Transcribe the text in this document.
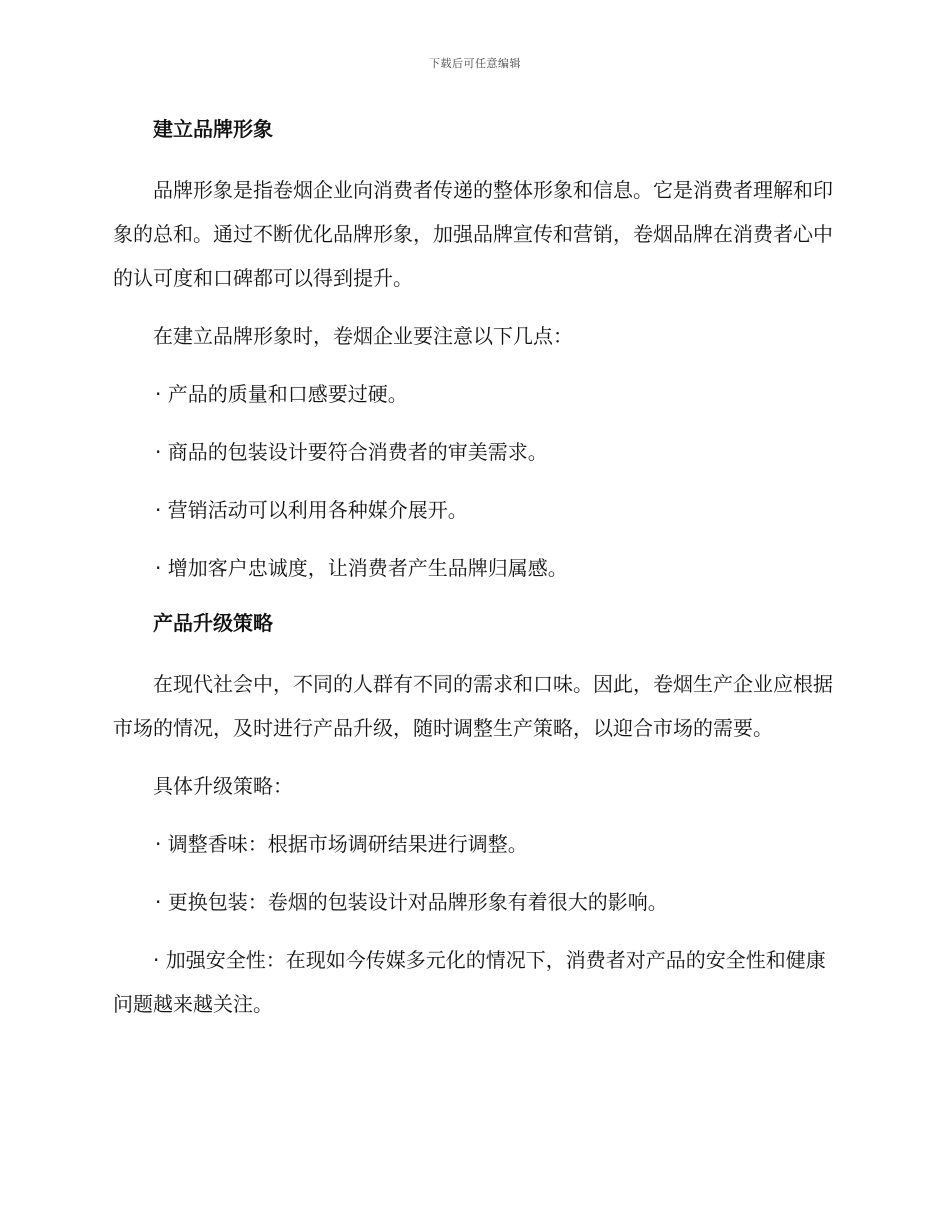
下载后可任意编辑
建立品牌形象

品牌形象是指卷烟企业向消费者传递的整体形象和信息。它是消费者理解和印象的总和。通过不断优化品牌形象，加强品牌宣传和营销，卷烟品牌在消费者心中的认可度和口碑都可以得到提升。

在建立品牌形象时，卷烟企业要注意以下几点：

· 产品的质量和口感要过硬。

· 商品的包装设计要符合消费者的审美需求。

· 营销活动可以利用各种媒介展开。

· 增加客户忠诚度，让消费者产生品牌归属感。

产品升级策略

在现代社会中，不同的人群有不同的需求和口味。因此，卷烟生产企业应根据市场的情况，及时进行产品升级，随时调整生产策略，以迎合市场的需要。

具体升级策略：

· 调整香味：根据市场调研结果进行调整。

· 更换包装：卷烟的包装设计对品牌形象有着很大的影响。

· 加强安全性：在现如今传媒多元化的情况下，消费者对产品的安全性和健康问题越来越关注。
